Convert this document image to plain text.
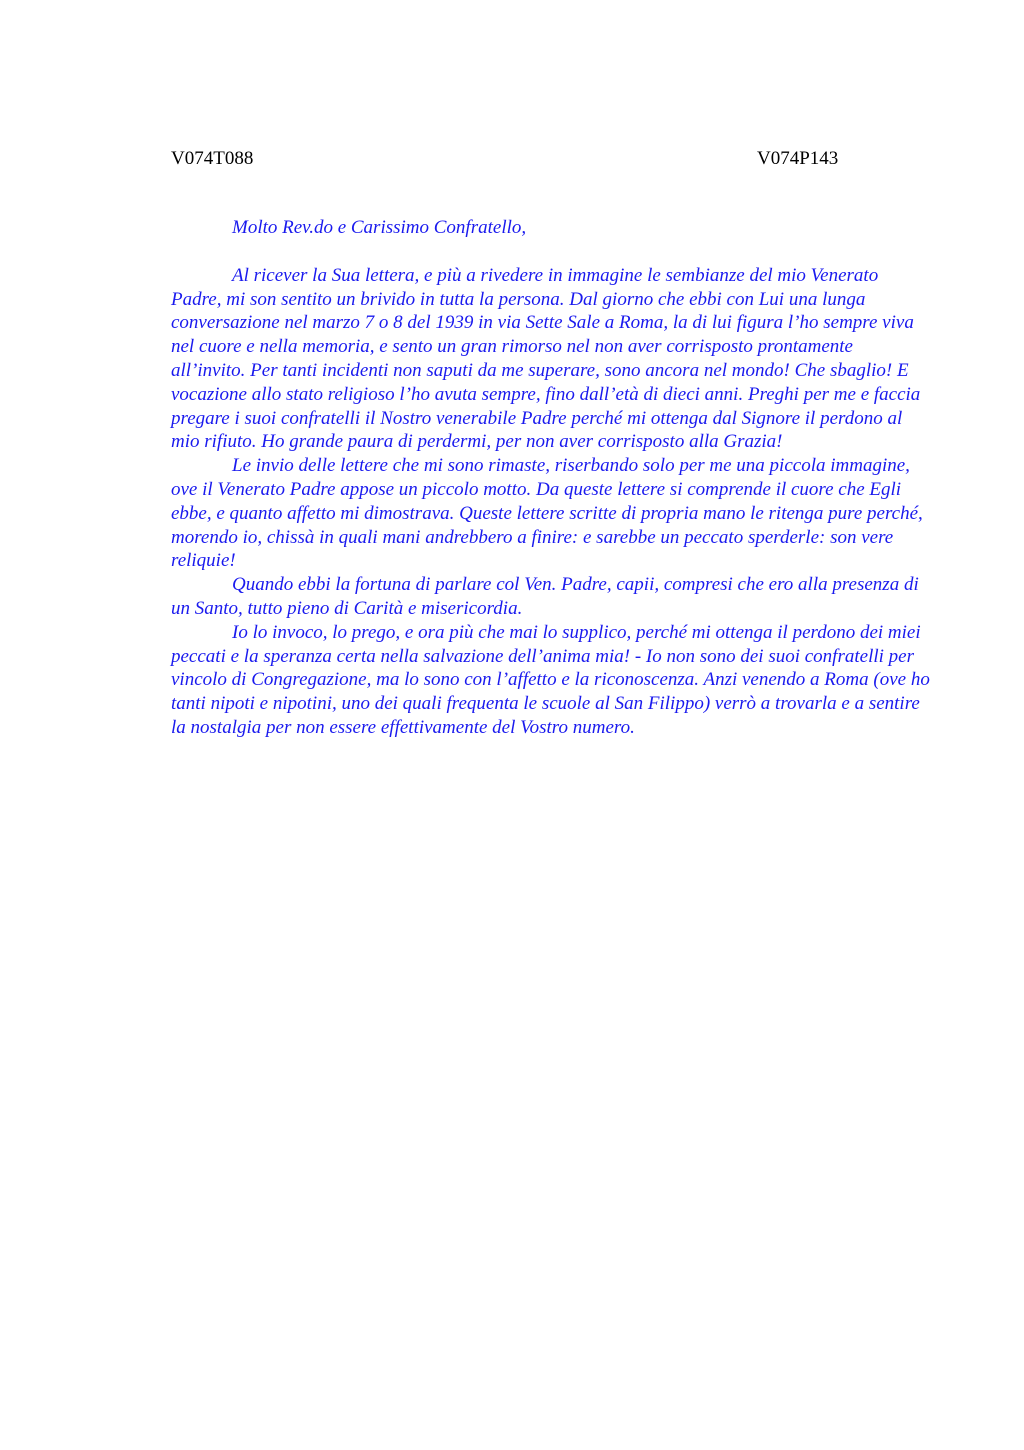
V074T088	V074P143

Molto Rev.do e Carissimo Confratello,

Al ricever la Sua lettera, e più a rivedere in immagine le sembianze del mio Venerato Padre, mi son sentito un brivido in tutta la persona. Dal giorno che ebbi con Lui una lunga conversazione nel marzo 7 o 8 del 1939 in via Sette Sale a Roma, la di lui figura l’ho sempre viva nel cuore e nella memoria, e sento un gran rimorso nel non aver corrisposto prontamente all’invito. Per tanti incidenti non saputi da me superare, sono ancora nel mondo! Che sbaglio! E vocazione allo stato religioso l’ho avuta sempre, fino dall’età di dieci anni. Preghi per me e faccia pregare i suoi confratelli il Nostro venerabile Padre perché mi ottenga dal Signore il perdono al mio rifiuto. Ho grande paura di perdermi, per non aver corrisposto alla Grazia!

Le invio delle lettere che mi sono rimaste, riserbando solo per me una piccola immagine, ove il Venerato Padre appose un piccolo motto. Da queste lettere si comprende il cuore che Egli ebbe, e quanto affetto mi dimostrava. Queste lettere scritte di propria mano le ritenga pure perché, morendo io, chissà in quali mani andrebbero a finire: e sarebbe un peccato sperderle: son vere reliquie!

Quando ebbi la fortuna di parlare col Ven. Padre, capii, compresi che ero alla presenza di un Santo, tutto pieno di Carità e misericordia.

Io lo invoco, lo prego, e ora più che mai lo supplico, perché mi ottenga il perdono dei miei peccati e la speranza certa nella salvazione dell’anima mia! - Io non sono dei suoi confratelli per vincolo di Congregazione, ma lo sono con l’affetto e la riconoscenza. Anzi venendo a Roma (ove ho tanti nipoti e nipotini, uno dei quali frequenta le scuole al San Filippo) verrò a trovarla e a sentire la nostalgia per non essere effettivamente del Vostro numero.
